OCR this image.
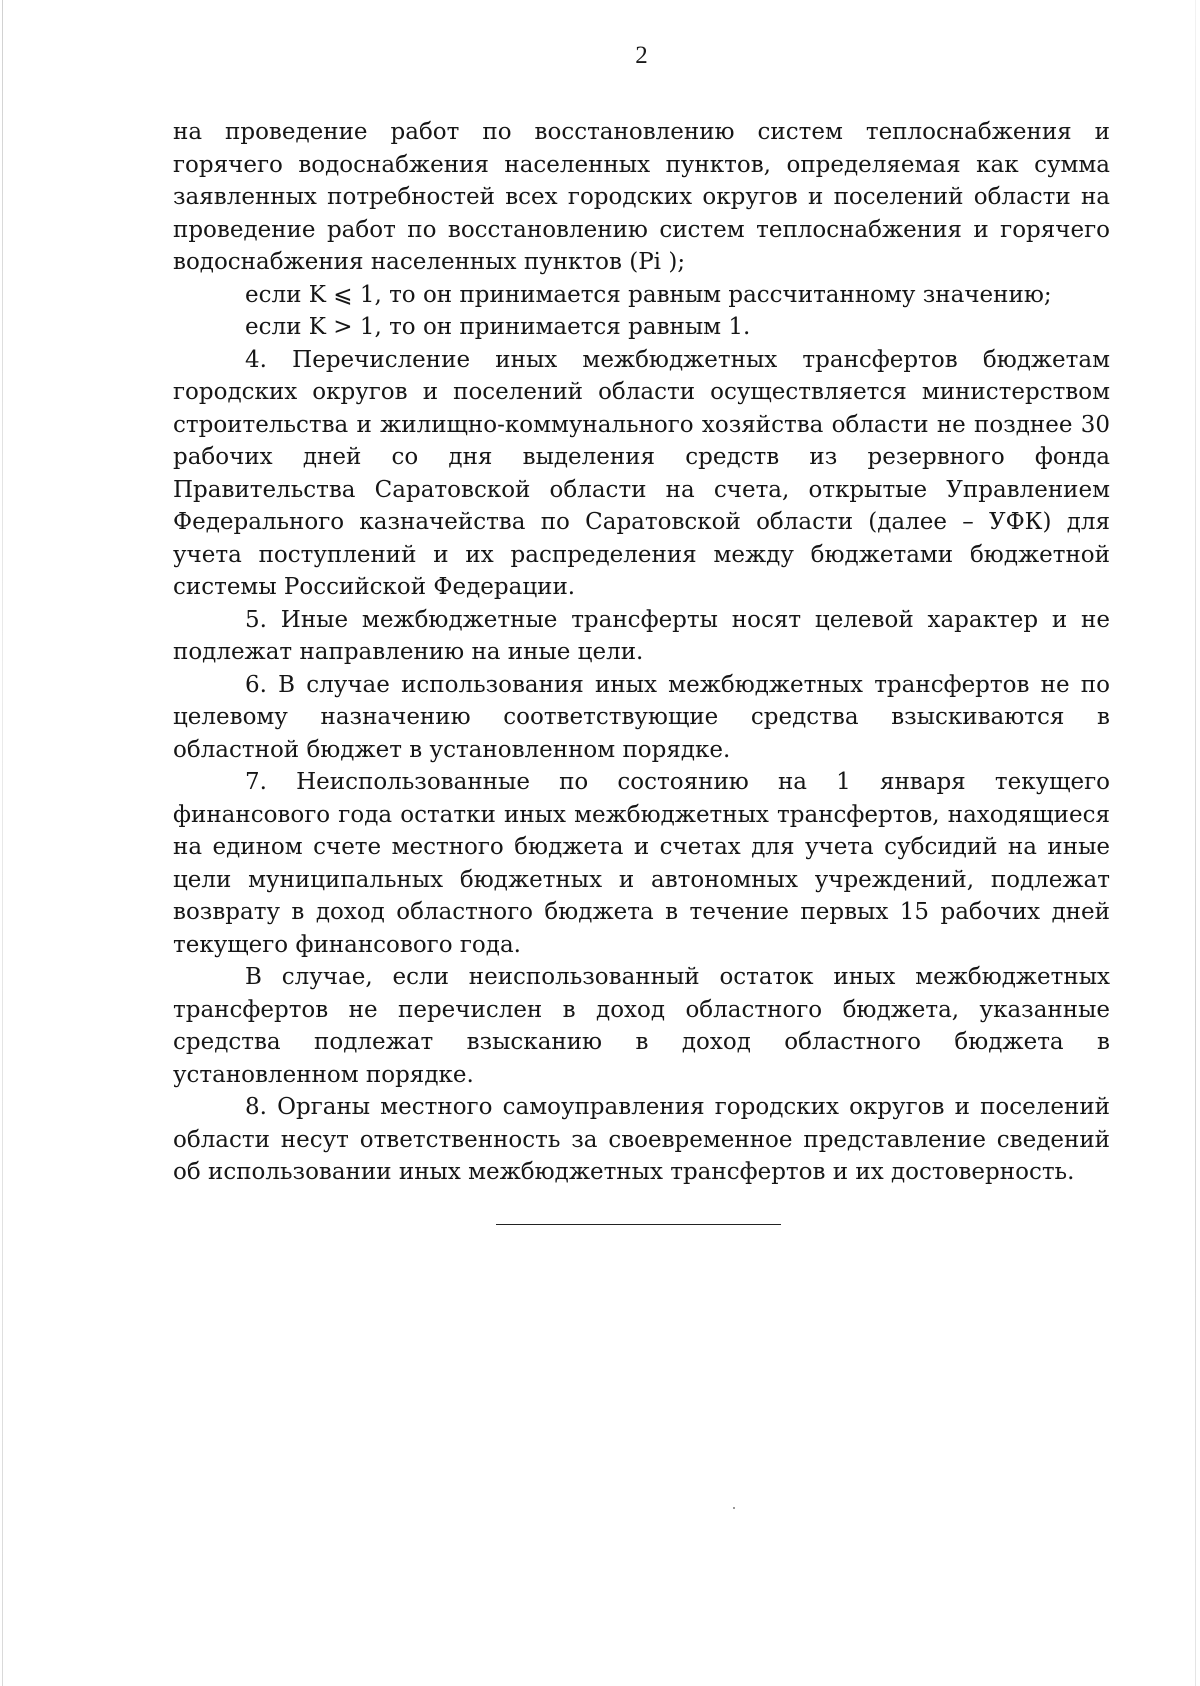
2

на проведение работ по восстановлению систем теплоснабжения и горячего водоснабжения населенных пунктов, определяемая как сумма заявленных потребностей всех городских округов и поселений области на проведение работ по восстановлению систем теплоснабжения и горячего водоснабжения населенных пунктов (Pi );

если K ⩽ 1, то он принимается равным рассчитанному значению;

если K > 1, то он принимается равным 1.

4. Перечисление иных межбюджетных трансфертов бюджетам городских округов и поселений области осуществляется министерством строительства и жилищно-коммунального хозяйства области не позднее 30 рабочих дней со дня выделения средств из резервного фонда Правительства Саратовской области на счета, открытые Управлением Федерального казначейства по Саратовской области (далее – УФК) для учета поступлений и их распределения между бюджетами бюджетной системы Российской Федерации.

5. Иные межбюджетные трансферты носят целевой характер и не подлежат направлению на иные цели.

6. В случае использования иных межбюджетных трансфертов не по целевому назначению соответствующие средства взыскиваются в областной бюджет в установленном порядке.

7. Неиспользованные по состоянию на 1 января текущего финансового года остатки иных межбюджетных трансфертов, находящиеся на едином счете местного бюджета и счетах для учета субсидий на иные цели муниципальных бюджетных и автономных учреждений, подлежат возврату в доход областного бюджета в течение первых 15 рабочих дней текущего финансового года.

В случае, если неиспользованный остаток иных межбюджетных трансфертов не перечислен в доход областного бюджета, указанные средства подлежат взысканию в доход областного бюджета в установленном порядке.

8. Органы местного самоуправления городских округов и поселений области несут ответственность за своевременное представление сведений об использовании иных межбюджетных трансфертов и их достоверность.
